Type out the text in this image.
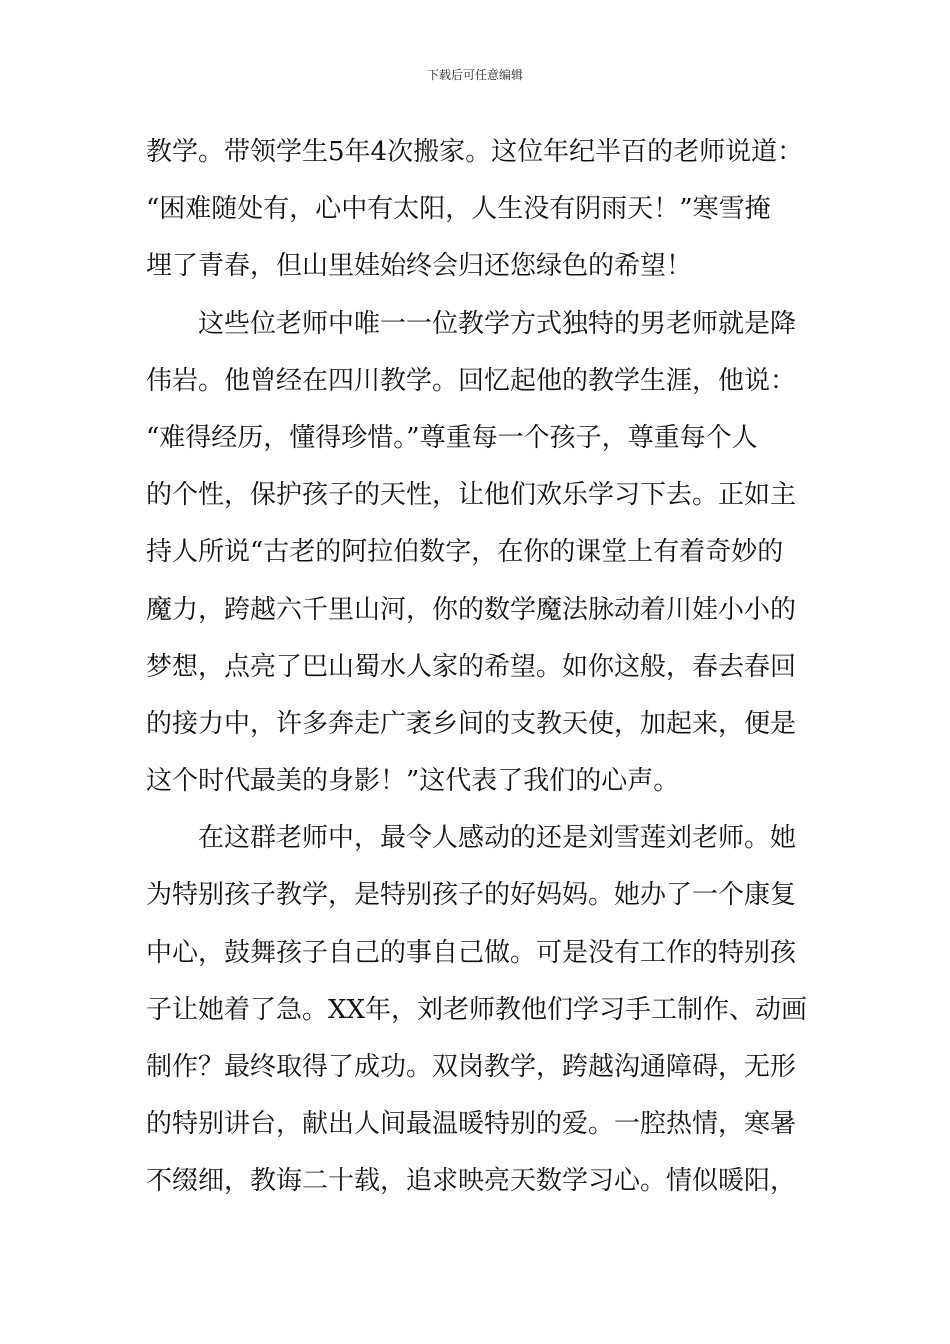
下载后可任意编辑
教学。带领学生5年4次搬家。这位年纪半百的老师说道：
“困难随处有，心中有太阳，人生没有阴雨天！”寒雪掩
埋了青春，但山里娃始终会归还您绿色的希望！
这些位老师中唯一一位教学方式独特的男老师就是降
伟岩。他曾经在四川教学。回忆起他的教学生涯，他说：
“难得经历，懂得珍惜。”尊重每一个孩子，尊重每个人
的个性，保护孩子的天性，让他们欢乐学习下去。正如主
持人所说“古老的阿拉伯数字，在你的课堂上有着奇妙的
魔力，跨越六千里山河，你的数学魔法脉动着川娃小小的
梦想，点亮了巴山蜀水人家的希望。如你这般，春去春回
的接力中，许多奔走广袤乡间的支教天使，加起来，便是
这个时代最美的身影！”这代表了我们的心声。
在这群老师中，最令人感动的还是刘雪莲刘老师。她
为特别孩子教学，是特别孩子的好妈妈。她办了一个康复
中心，鼓舞孩子自己的事自己做。可是没有工作的特别孩
子让她着了急。XX年，刘老师教他们学习手工制作、动画
制作？最终取得了成功。双岗教学，跨越沟通障碍，无形
的特别讲台，献出人间最温暖特别的爱。一腔热情，寒暑
不缀细，教诲二十载，追求映亮天数学习心。情似暖阳，
